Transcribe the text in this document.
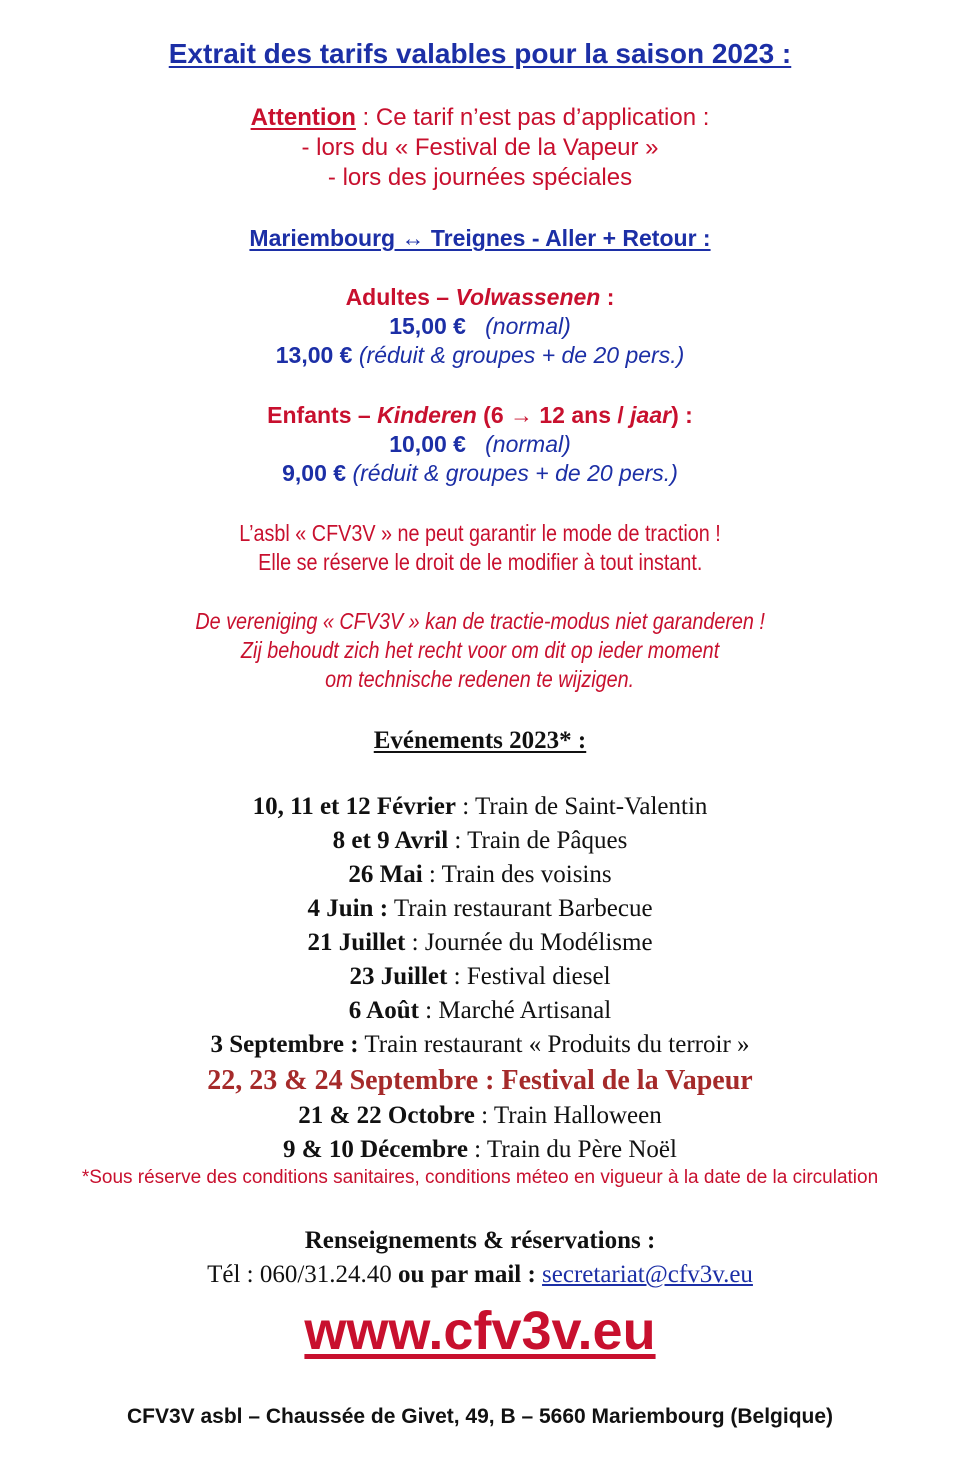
Extrait des tarifs valables pour la saison 2023 :
Attention : Ce tarif n’est pas d’application :
- lors du « Festival de la Vapeur »
- lors des journées spéciales
Mariembourg ↔ Treignes - Aller + Retour :
Adultes – Volwassenen :
15,00 € (normal)
13,00 € (réduit & groupes + de 20 pers.)
Enfants – Kinderen (6 → 12 ans / jaar) :
10,00 € (normal)
9,00 € (réduit & groupes + de 20 pers.)
L’asbl « CFV3V » ne peut garantir le mode de traction !
Elle se réserve le droit de le modifier à tout instant.
De vereniging « CFV3V » kan de tractie-modus niet garanderen !
Zij behoudt zich het recht voor om dit op ieder moment
om technische redenen te wijzigen.
Evénements 2023* :
10, 11 et 12 Février : Train de Saint-Valentin
8 et 9 Avril : Train de Pâques
26 Mai : Train des voisins
4 Juin : Train restaurant Barbecue
21 Juillet : Journée du Modélisme
23 Juillet : Festival diesel
6 Août : Marché Artisanal
3 Septembre : Train restaurant « Produits du terroir »
22, 23 & 24 Septembre : Festival de la Vapeur
21 & 22 Octobre : Train Halloween
9 & 10 Décembre : Train du Père Noël
*Sous réserve des conditions sanitaires, conditions méteo en vigueur à la date de la circulation
Renseignements & réservations :
Tél : 060/31.24.40 ou par mail : secretariat@cfv3v.eu
www.cfv3v.eu
CFV3V asbl – Chaussée de Givet, 49, B – 5660 Mariembourg (Belgique)
